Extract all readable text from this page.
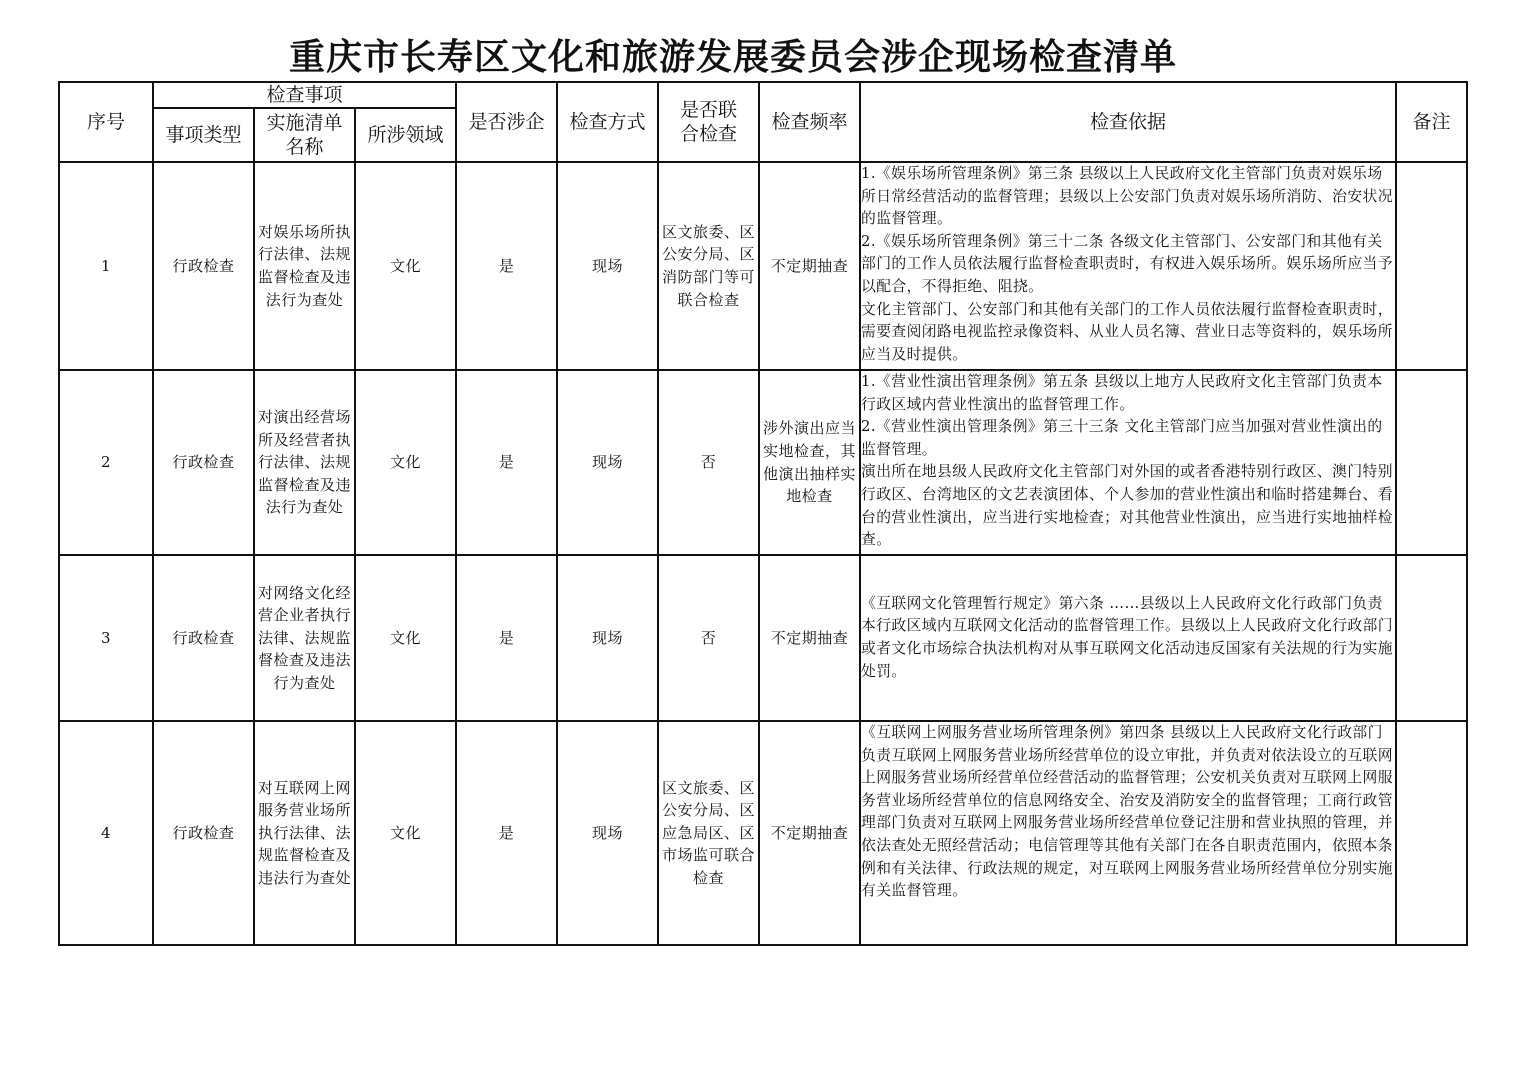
重庆市长寿区文化和旅游发展委员会涉企现场检查清单
序号	检查事项			是否涉企	检查方式	是否联合检查	检查频率	检查依据	备注
	事项类型	实施清单名称	所涉领域						
1	行政检查	对娱乐场所执行法律、法规监督检查及违法行为查处	文化	是	现场	区文旅委、区公安分局、区消防部门等可联合检查	不定期抽查	1.《娱乐场所管理条例》第三条 县级以上人民政府文化主管部门负责对娱乐场所日常经营活动的监督管理；县级以上公安部门负责对娱乐场所消防、治安状况的监督管理。

2.《娱乐场所管理条例》第三十二条 各级文化主管部门、公安部门和其他有关部门的工作人员依法履行监督检查职责时，有权进入娱乐场所。娱乐场所应当予以配合，不得拒绝、阻挠。

文化主管部门、公安部门和其他有关部门的工作人员依法履行监督检查职责时，需要查阅闭路电视监控录像资料、从业人员名簿、营业日志等资料的，娱乐场所应当及时提供。	

2	行政检查	对演出经营场所及经营者执行法律、法规监督检查及违法行为查处	文化	是	现场	否	涉外演出应当实地检查，其他演出抽样实地检查	1.《营业性演出管理条例》第五条 县级以上地方人民政府文化主管部门负责本行政区域内营业性演出的监督管理工作。

2.《营业性演出管理条例》第三十三条 文化主管部门应当加强对营业性演出的监督管理。

演出所在地县级人民政府文化主管部门对外国的或者香港特别行政区、澳门特别行政区、台湾地区的文艺表演团体、个人参加的营业性演出和临时搭建舞台、看台的营业性演出，应当进行实地检查；对其他营业性演出，应当进行实地抽样检查。	

3	行政检查	对网络文化经营企业者执行法律、法规监督检查及违法行为查处	文化	是	现场	否	不定期抽查	《互联网文化管理暂行规定》第六条 ……县级以上人民政府文化行政部门负责本行政区域内互联网文化活动的监督管理工作。县级以上人民政府文化行政部门或者文化市场综合执法机构对从事互联网文化活动违反国家有关法规的行为实施处罚。	

4	行政检查	对互联网上网服务营业场所执行法律、法规监督检查及违法行为查处	文化	是	现场	区文旅委、区公安分局、区应急局区、区市场监可联合检查	不定期抽查	《互联网上网服务营业场所管理条例》第四条 县级以上人民政府文化行政部门负责互联网上网服务营业场所经营单位的设立审批，并负责对依法设立的互联网上网服务营业场所经营单位经营活动的监督管理；公安机关负责对互联网上网服务营业场所经营单位的信息网络安全、治安及消防安全的监督管理；工商行政管理部门负责对互联网上网服务营业场所经营单位登记注册和营业执照的管理，并依法查处无照经营活动；电信管理等其他有关部门在各自职责范围内，依照本条例和有关法律、行政法规的规定，对互联网上网服务营业场所经营单位分别实施有关监督管理。	
